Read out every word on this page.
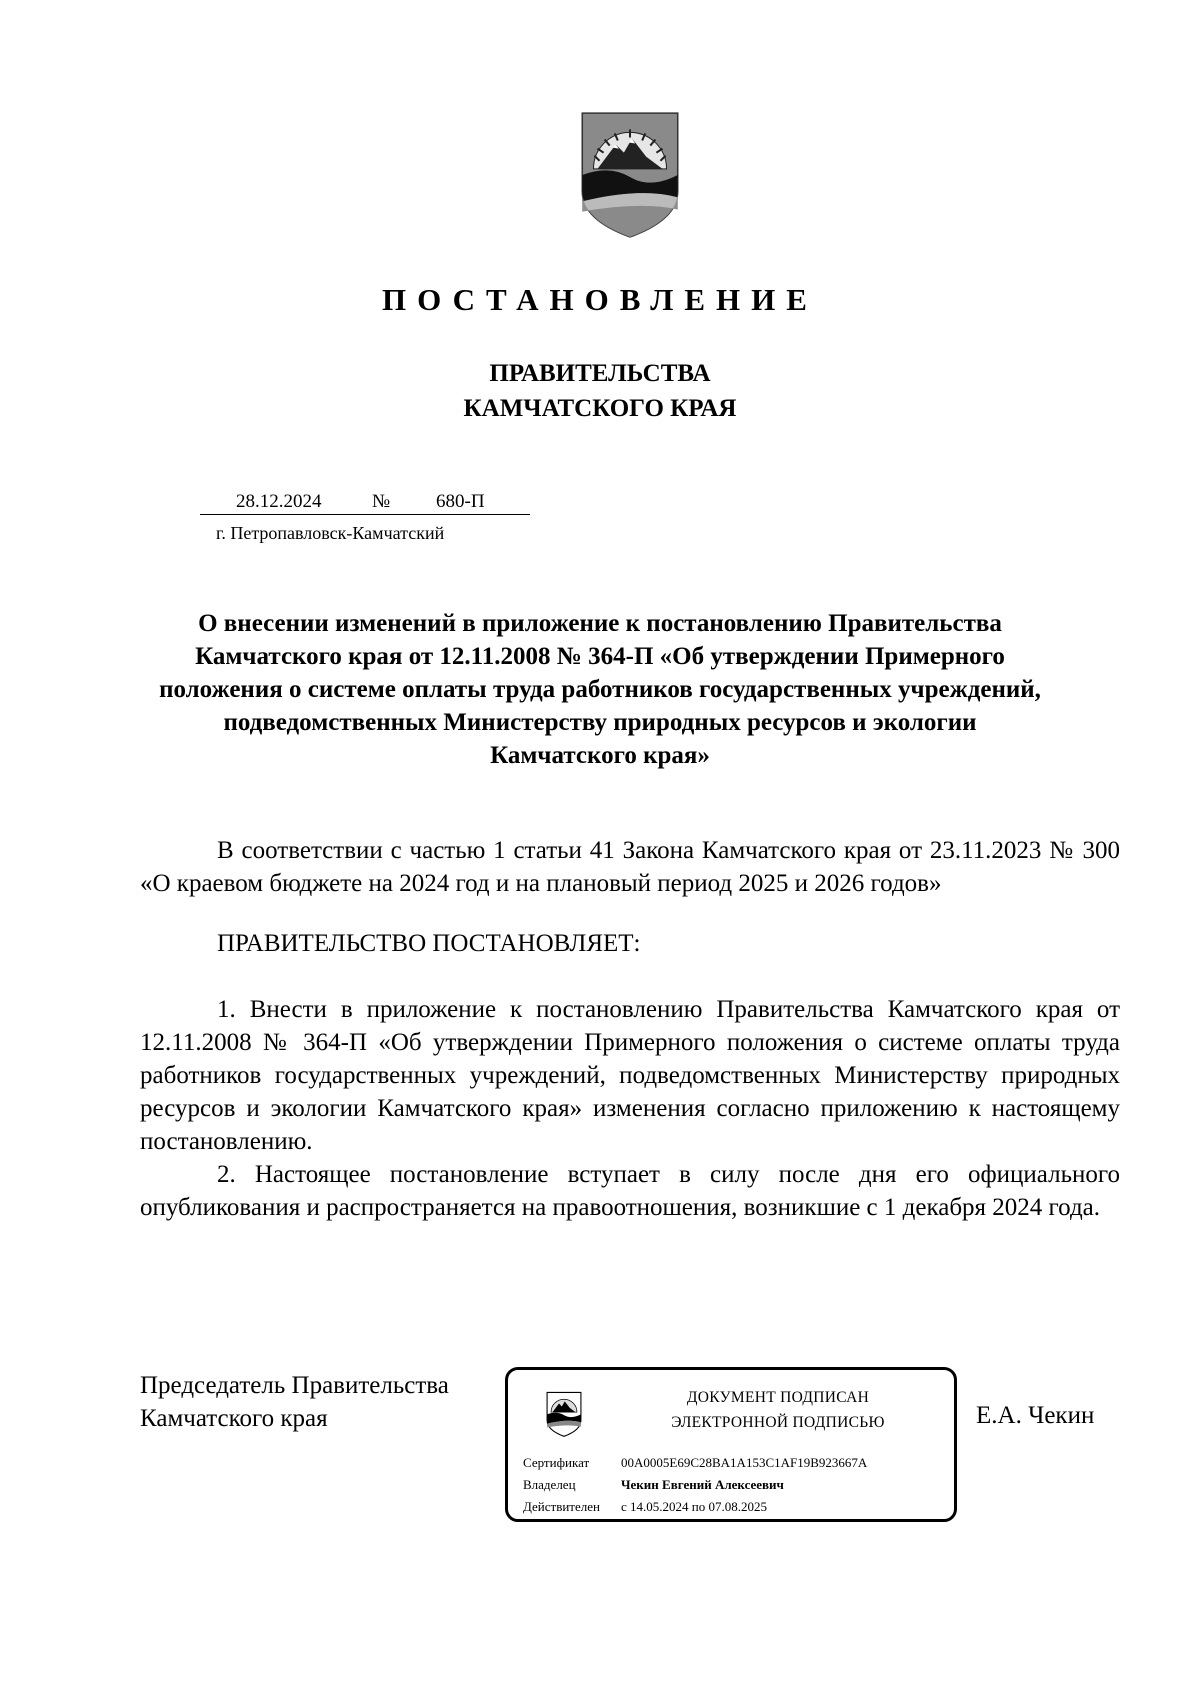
ПОСТАНОВЛЕНИЕ
ПРАВИТЕЛЬСТВА
КАМЧАТСКОГО КРАЯ
28.12.2024	№ 680-П
г. Петропавловск-Камчатский
О внесении изменений в приложение к постановлению Правительства Камчатского края от 12.11.2008 № 364-П «Об утверждении Примерного положения о системе оплаты труда работников государственных учреждений, подведомственных Министерству природных ресурсов и экологии Камчатского края»

В соответствии с частью 1 статьи 41 Закона Камчатского края от 23.11.2023 № 300 «О краевом бюджете на 2024 год и на плановый период 2025 и 2026 годов»

ПРАВИТЕЛЬСТВО ПОСТАНОВЛЯЕТ:

1. Внести в приложение к постановлению Правительства Камчатского края от 12.11.2008 № 364-П «Об утверждении Примерного положения о системе оплаты труда работников государственных учреждений, подведомственных Министерству природных ресурсов и экологии Камчатского края» изменения согласно приложению к настоящему постановлению.

2. Настоящее постановление вступает в силу после дня его официального опубликования и распространяется на правоотношения, возникшие с 1 декабря 2024 года.

Председатель Правительства
Камчатского края
ДОКУМЕНТ ПОДПИСАН
ЭЛЕКТРОННОЙ ПОДПИСЬЮ
Сертификат 00A0005E69C28BA1A153C1AF19B923667A
Владелец	Чекин Евгений Алексеевич
Действителен с 14.05.2024 по 07.08.2025
Е.А. Чекин
